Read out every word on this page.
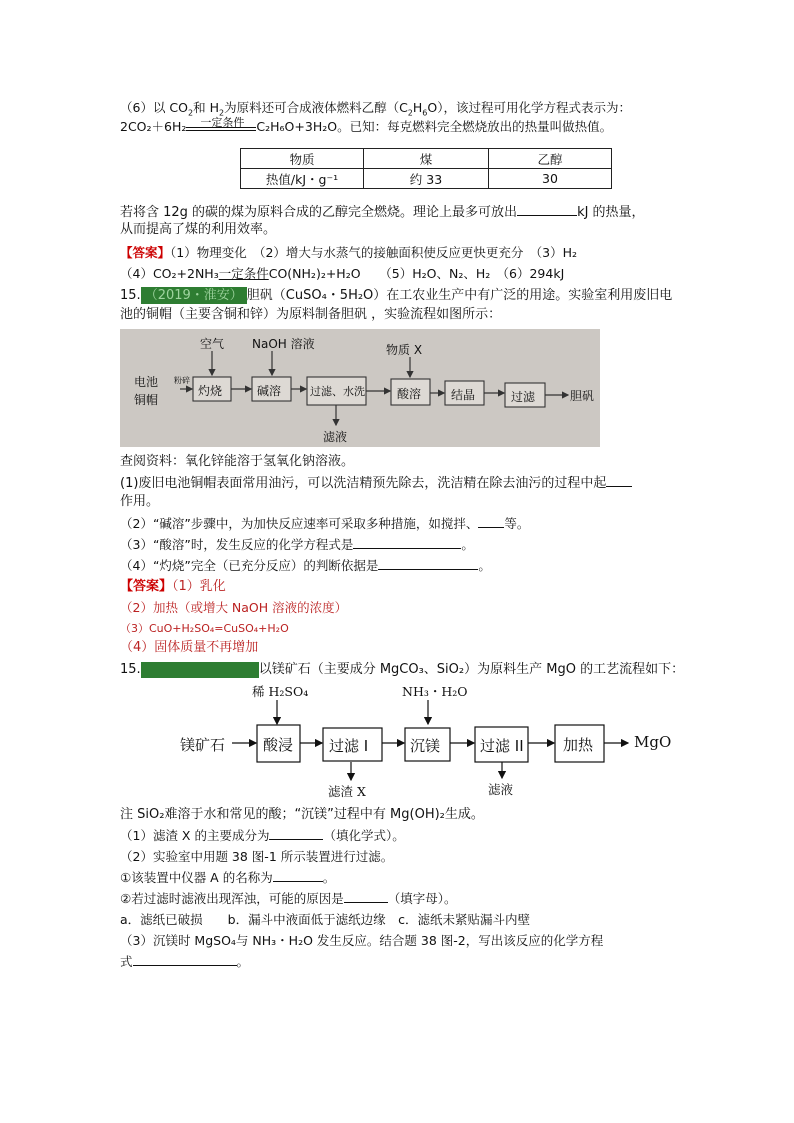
（6）以 $CO_2$和 $H_2$为原料还可合成液体燃料乙醇$(C_2H_6O)$，该过程可用化学方程式表示为：
2CO₂＋6H₂ 一定条件 C₂H₆O+3H₂O。已知：每克燃料完全燃烧放出的热量叫做热值。
物质	煤	乙醇
热值/kJ・g⁻¹	约 33	30
若将含 12g 的碳的煤为原料合成的乙醇完全燃烧。理论上最多可放出	kJ 的热量，
从而提高了煤的利用效率。
【答案】（1）物理变化　（2）增大与水蒸气的接触面积使反应更快更充分　（3）H₂
（4）CO₂+2NH₃一定条件CO(NH₂)₂+H₂O　　（5）H₂O、N₂、H₂　（6）294kJ
15. （2019・淮安） 胆矾（CuSO₄・5H₂O）在工农业生产中有广泛的用途。实验室利用废旧电
池的铜帽（主要含铜和锌）为原料制备胆矾 ，实验流程如图所示：
电池
铜帽
粉碎
空气 NaOH 溶液	物质 X
灼烧	碱溶	过滤、水洗	酸溶 结晶	过滤
滤液
胆矾
查阅资料：氧化锌能溶于氢氧化钠溶液。
(1)废旧电池铜帽表面常用油污，可以洗洁精预先除去，洗洁精在除去油污的过程中起
作用。
（2）“碱溶”步骤中，为加快反应速率可采取多种措施，如搅拌、 等。
（3）“酸溶”时，发生反应的化学方程式是	。
（4）“灼烧”完全（已充分反应）的判断依据是	。
【答案】（1）乳化
（2）加热（或增大 NaOH 溶液的浓度）
（3）CuO+H₂SO₄=CuSO₄+H₂O
（4）固体质量不再增加
15.	以镁矿石（主要成分 MgCO₃、SiO₂）为原料生产 MgO 的工艺流程如下：
镁矿石
稀 H₂SO₄	NH₃・H₂O
酸浸 过滤 I	沉镁	过滤 II	加热	MgO
滤渣 X	滤液
注 SiO₂难溶于水和常见的酸；“沉镁”过程中有 Mg(OH)₂生成。
（1）滤渣 X 的主要成分为	（填化学式）。
（2）实验室中用题 38 图-1 所示装置进行过滤。
①该装置中仪器 A 的名称为	。
②若过滤时滤液出现浑浊，可能的原因是	（填字母）。
a．滤纸已破损　　b．漏斗中液面低于滤纸边缘　c．滤纸未紧贴漏斗内壁
（3）沉镁时 MgSO₄与 NH₃・H₂O 发生反应。结合题 38 图-2，写出该反应的化学方程
式	。
